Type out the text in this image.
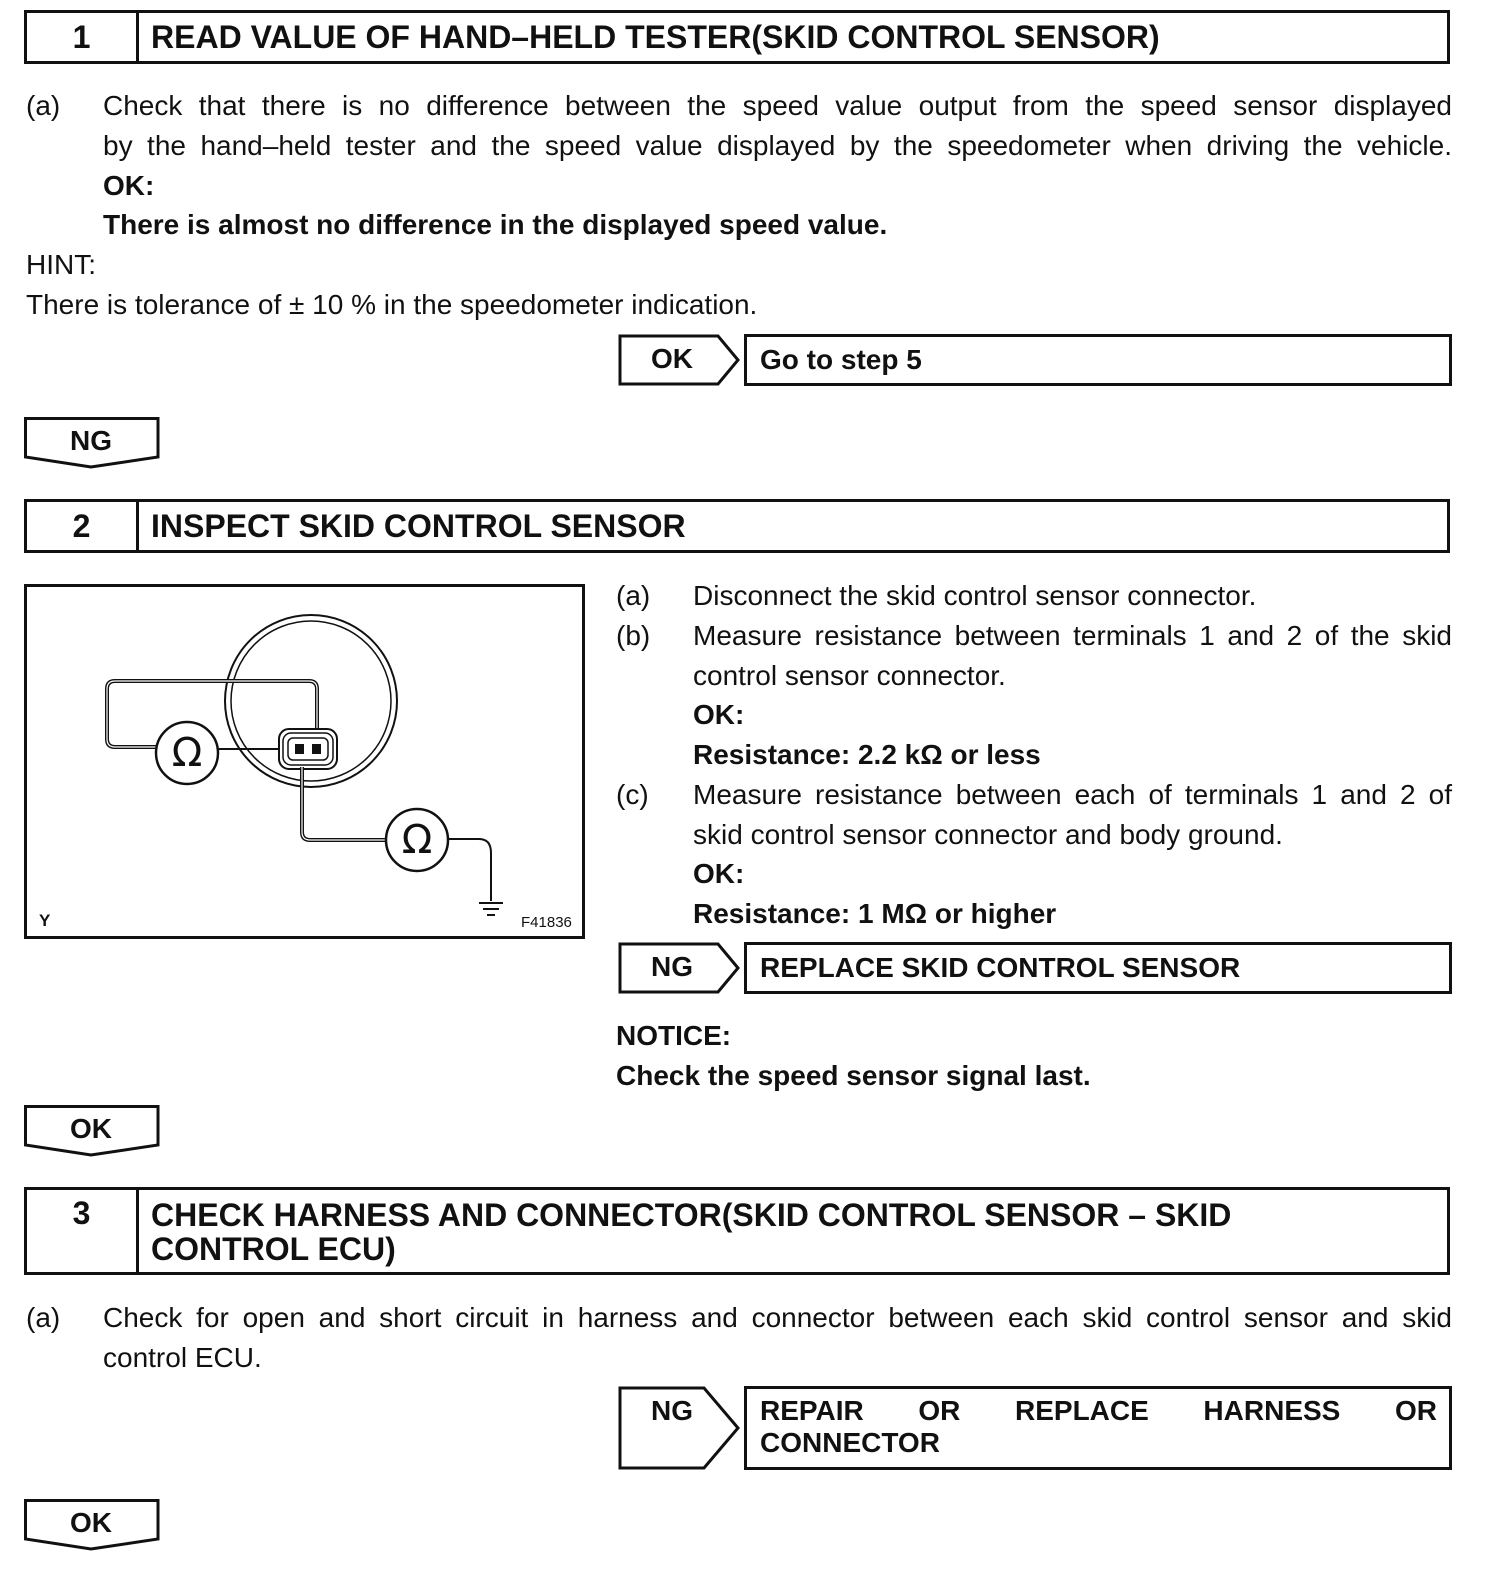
1	READ VALUE OF HAND–HELD TESTER(SKID CONTROL SENSOR)
(a) Check that there is no difference between the speed value output from the speed sensor displayed
by the hand–held tester and the speed value displayed by the speedometer when driving the vehicle.
OK:
There is almost no difference in the displayed speed value.
HINT:
There is tolerance of ± 10 % in the speedometer indication.
OK	Go to step 5
NG
2	INSPECT SKID CONTROL SENSOR
Ω
Ω
Y	F41836
(a) Disconnect the skid control sensor connector.
(b) Measure resistance between terminals 1 and 2 of the skid
control sensor connector.
OK:
Resistance: 2.2 kΩ or less
(c) Measure resistance between each of terminals 1 and 2 of
skid control sensor connector and body ground.
OK:
Resistance: 1 MΩ or higher
NG	REPLACE SKID CONTROL SENSOR
NOTICE:
Check the speed sensor signal last.
OK
3	CHECK HARNESS AND CONNECTOR(SKID CONTROL SENSOR – SKID
CONTROL ECU)
(a) Check for open and short circuit in harness and connector between each skid control sensor and skid
control ECU.
NG	REPAIR OR REPLACE HARNESS OR
CONNECTOR
OK
